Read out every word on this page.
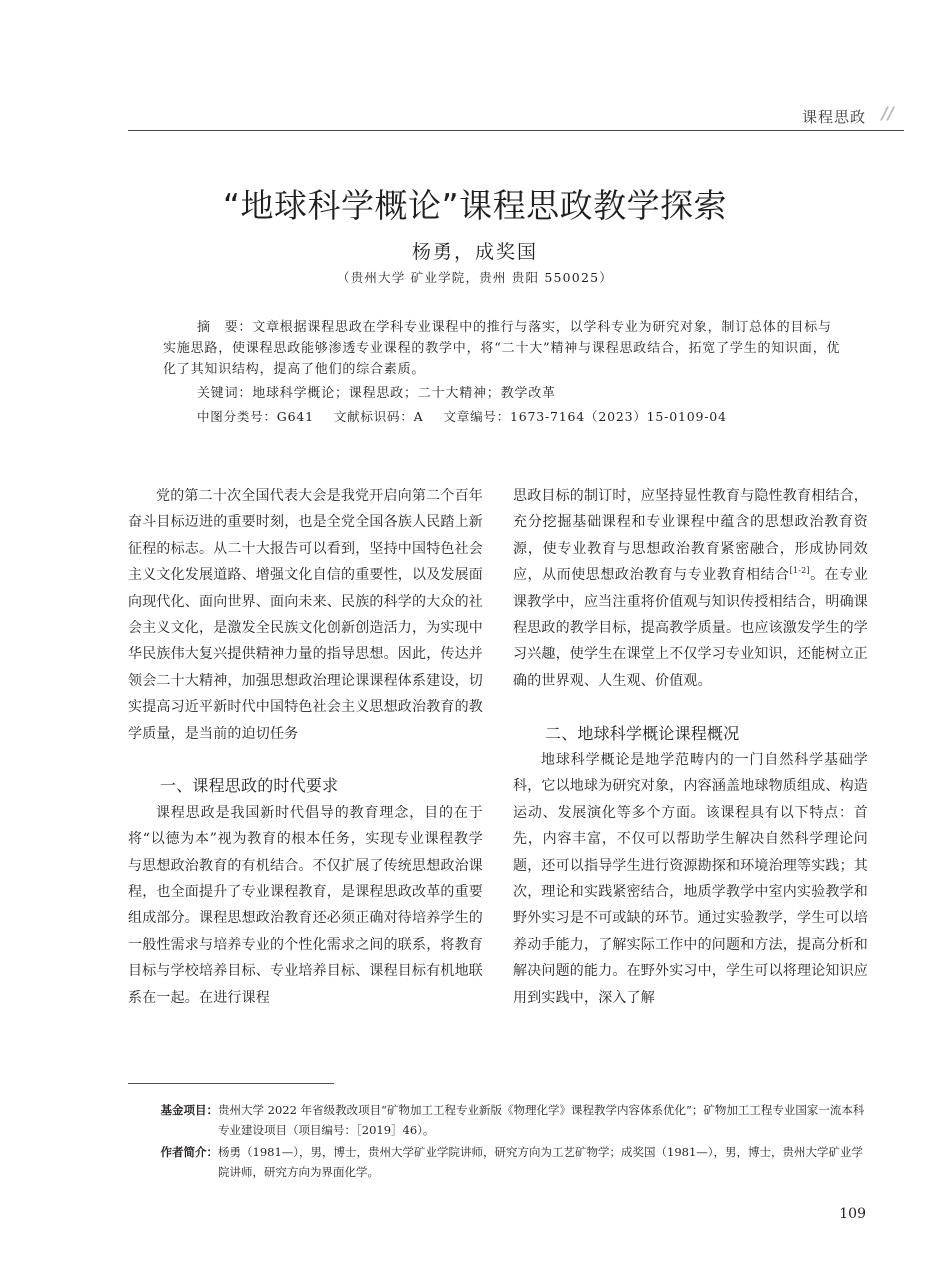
课程思政 //
“地球科学概论”课程思政教学探索
杨勇，成奖国
（贵州大学 矿业学院，贵州 贵阳 550025）
摘　要：文章根据课程思政在学科专业课程中的推行与落实，以学科专业为研究对象，制订总体的目标与实施思路，使课程思政能够渗透专业课程的教学中，将“二十大”精神与课程思政结合，拓宽了学生的知识面，优化了其知识结构，提高了他们的综合素质。
关键词：地球科学概论；课程思政；二十大精神；教学改革
中图分类号：G641 文献标识码：A 文章编号：1673-7164（2023）15-0109-04

党的第二十次全国代表大会是我党开启向第二个百年奋斗目标迈进的重要时刻，也是全党全国各族人民踏上新征程的标志。从二十大报告可以看到，坚持中国特色社会主义文化发展道路、增强文化自信的重要性，以及发展面向现代化、面向世界、面向未来、民族的科学的大众的社会主义文化，是激发全民族文化创新创造活力，为实现中华民族伟大复兴提供精神力量的指导思想。因此，传达并领会二十大精神，加强思想政治理论课课程体系建设，切实提高习近平新时代中国特色社会主义思想政治教育的教学质量，是当前的迫切任务

一、课程思政的时代要求

课程思政是我国新时代倡导的教育理念，目的在于将“以德为本”视为教育的根本任务，实现专业课程教学与思想政治教育的有机结合。不仅扩展了传统思想政治课程，也全面提升了专业课程教育，是课程思政改革的重要组成部分。课程思想政治教育还必须正确对待培养学生的一般性需求与培养专业的个性化需求之间的联系，将教育目标与学校培养目标、专业培养目标、课程目标有机地联系在一起。在进行课程

思政目标的制订时，应坚持显性教育与隐性教育相结合，充分挖掘基础课程和专业课程中蕴含的思想政治教育资源，使专业教育与思想政治教育紧密融合，形成协同效应，从而使思想政治教育与专业教育相结合[1-2]。在专业课教学中，应当注重将价值观与知识传授相结合，明确课程思政的教学目标，提高教学质量。也应该激发学生的学习兴趣，使学生在课堂上不仅学习专业知识，还能树立正确的世界观、人生观、价值观。

二、地球科学概论课程概况

地球科学概论是地学范畴内的一门自然科学基础学科，它以地球为研究对象，内容涵盖地球物质组成、构造运动、发展演化等多个方面。该课程具有以下特点：首先，内容丰富，不仅可以帮助学生解决自然科学理论问题，还可以指导学生进行资源勘探和环境治理等实践；其次，理论和实践紧密结合，地质学教学中室内实验教学和野外实习是不可或缺的环节。通过实验教学，学生可以培养动手能力，了解实际工作中的问题和方法，提高分析和解决问题的能力。在野外实习中，学生可以将理论知识应用到实践中，深入了解

基金项目： 贵州大学 2022 年省级教改项目“矿物加工工程专业新版《物理化学》课程教学内容体系优化”；矿物加工工程专业国家一流本科专业建设项目（项目编号：［2019］46）。
作者简介： 杨勇（1981—），男，博士，贵州大学矿业学院讲师，研究方向为工艺矿物学；成奖国（1981—），男，博士，贵州大学矿业学院讲师，研究方向为界面化学。
109
